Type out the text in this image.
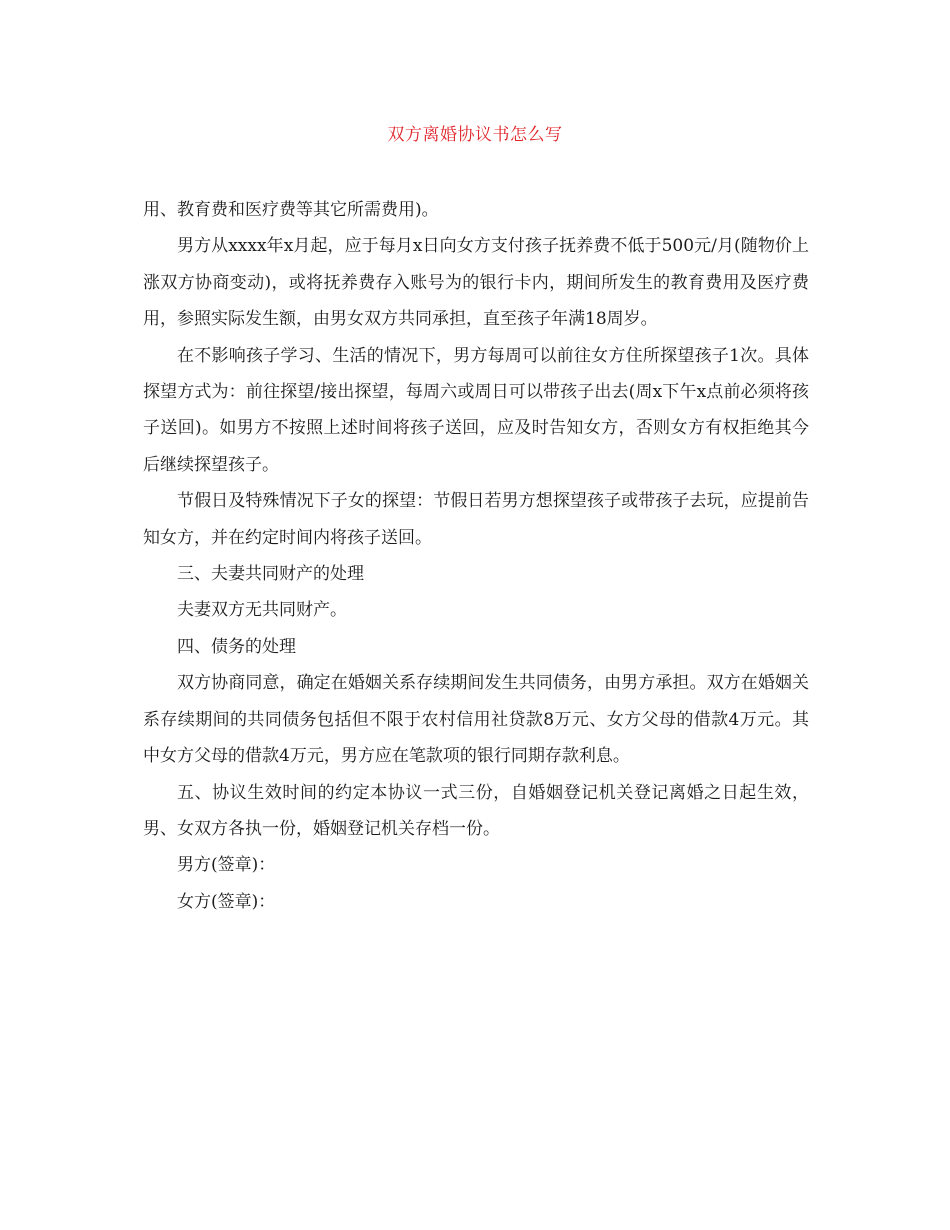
双方离婚协议书怎么写

用、教育费和医疗费等其它所需费用)。

男方从xxxx年x月起，应于每月x日向女方支付孩子抚养费不低于500元/月(随物价上涨双方协商变动)，或将抚养费存入账号为的银行卡内，期间所发生的教育费用及医疗费用，参照实际发生额，由男女双方共同承担，直至孩子年满18周岁。

在不影响孩子学习、生活的情况下，男方每周可以前往女方住所探望孩子1次。具体探望方式为：前往探望/接出探望，每周六或周日可以带孩子出去(周x下午x点前必须将孩子送回)。如男方不按照上述时间将孩子送回，应及时告知女方，否则女方有权拒绝其今后继续探望孩子。

节假日及特殊情况下子女的探望：节假日若男方想探望孩子或带孩子去玩，应提前告知女方，并在约定时间内将孩子送回。

三、夫妻共同财产的处理

夫妻双方无共同财产。

四、债务的处理

双方协商同意，确定在婚姻关系存续期间发生共同债务，由男方承担。双方在婚姻关系存续期间的共同债务包括但不限于农村信用社贷款8万元、女方父母的借款4万元。其中女方父母的借款4万元，男方应在笔款项的银行同期存款利息。

五、协议生效时间的约定本协议一式三份，自婚姻登记机关登记离婚之日起生效，男、女双方各执一份，婚姻登记机关存档一份。

男方(签章)：

女方(签章)：
